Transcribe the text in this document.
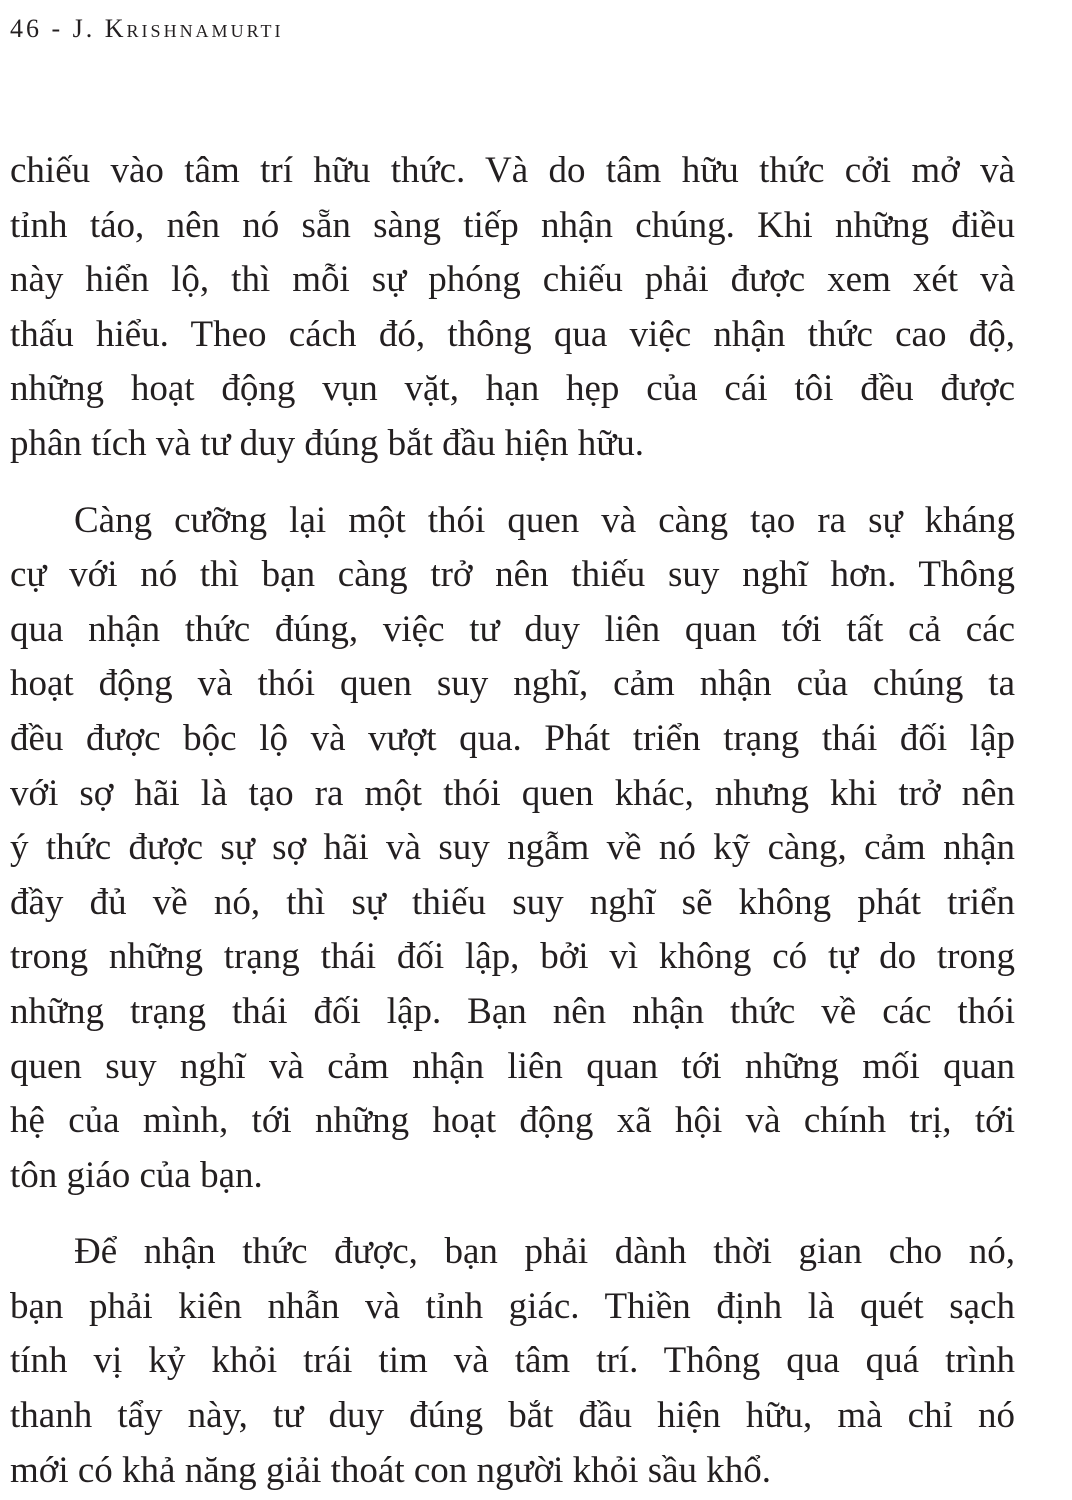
46 - J. Krishnamurti
chiếu vào tâm trí hữu thức. Và do tâm hữu thức cởi mở và
tỉnh táo, nên nó sẵn sàng tiếp nhận chúng. Khi những điều
này hiển lộ, thì mỗi sự phóng chiếu phải được xem xét và
thấu hiểu. Theo cách đó, thông qua việc nhận thức cao độ,
những hoạt động vụn vặt, hạn hẹp của cái tôi đều được
phân tích và tư duy đúng bắt đầu hiện hữu.
Càng cưỡng lại một thói quen và càng tạo ra sự kháng
cự với nó thì bạn càng trở nên thiếu suy nghĩ hơn. Thông
qua nhận thức đúng, việc tư duy liên quan tới tất cả các
hoạt động và thói quen suy nghĩ, cảm nhận của chúng ta
đều được bộc lộ và vượt qua. Phát triển trạng thái đối lập
với sợ hãi là tạo ra một thói quen khác, nhưng khi trở nên
ý thức được sự sợ hãi và suy ngẫm về nó kỹ càng, cảm nhận
đầy đủ về nó, thì sự thiếu suy nghĩ sẽ không phát triển
trong những trạng thái đối lập, bởi vì không có tự do trong
những trạng thái đối lập. Bạn nên nhận thức về các thói
quen suy nghĩ và cảm nhận liên quan tới những mối quan
hệ của mình, tới những hoạt động xã hội và chính trị, tới
tôn giáo của bạn.
Để nhận thức được, bạn phải dành thời gian cho nó,
bạn phải kiên nhẫn và tỉnh giác. Thiền định là quét sạch
tính vị kỷ khỏi trái tim và tâm trí. Thông qua quá trình
thanh tẩy này, tư duy đúng bắt đầu hiện hữu, mà chỉ nó
mới có khả năng giải thoát con người khỏi sầu khổ.
